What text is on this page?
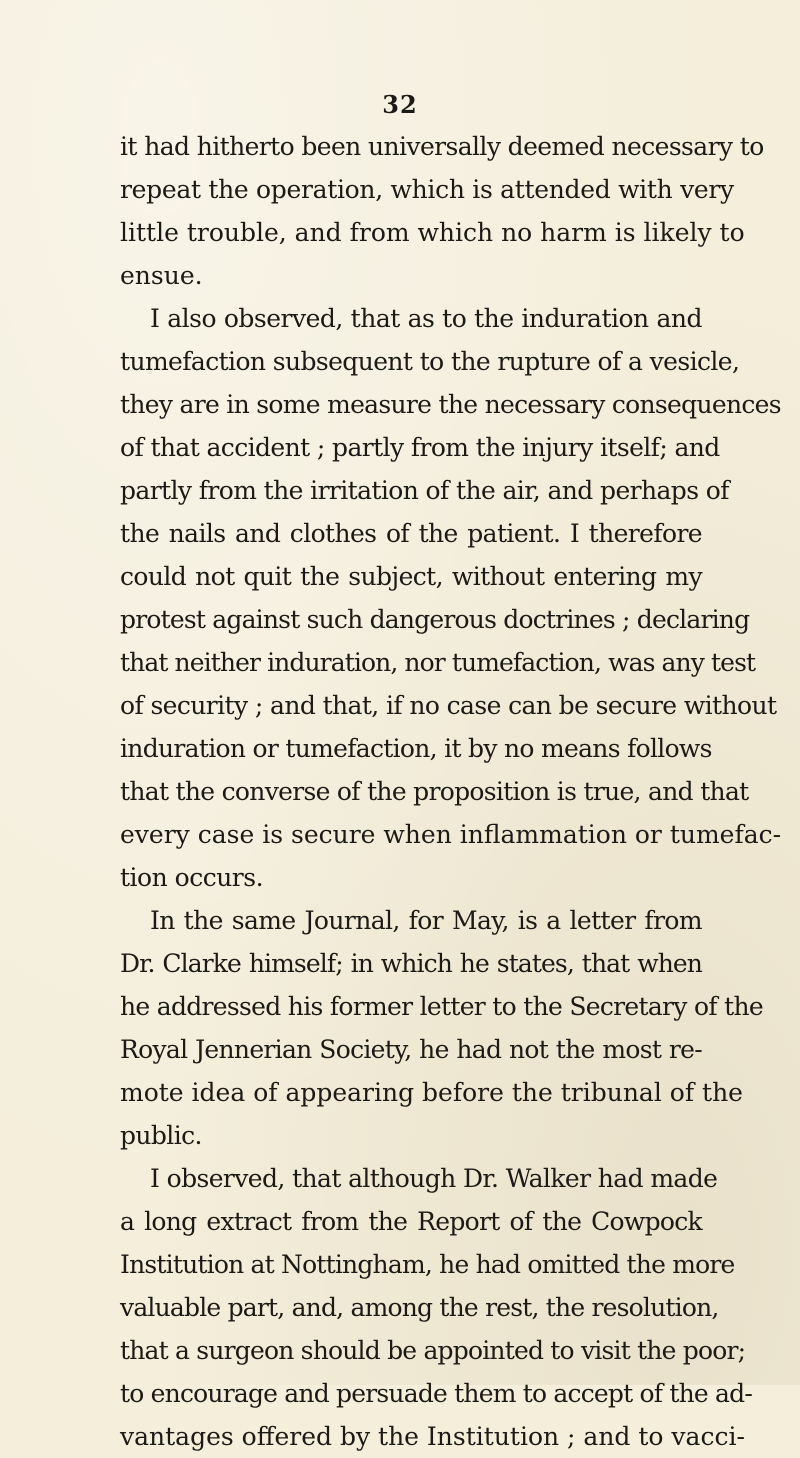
32
it had hitherto been universally deemed necessary to
repeat the operation, which is attended with very
little trouble, and from which no harm is likely to
ensue.
I also observed, that as to the induration and
tumefaction subsequent to the rupture of a vesicle,
they are in some measure the necessary consequences
of that accident ; partly from the injury itself; and
partly from the irritation of the air, and perhaps of
the nails and clothes of the patient. I therefore
could not quit the subject, without entering my
protest against such dangerous doctrines ; declaring
that neither induration, nor tumefaction, was any test
of security ; and that, if no case can be secure without
induration or tumefaction, it by no means follows
that the converse of the proposition is true, and that
every case is secure when inflammation or tumefac-
tion occurs.
In the same Journal, for May, is a letter from
Dr. Clarke himself; in which he states, that when
he addressed his former letter to the Secretary of the
Royal Jennerian Society, he had not the most re-
mote idea of appearing before the tribunal of the
public.
I observed, that although Dr. Walker had made
a long extract from the Report of the Cowpock
Institution at Nottingham, he had omitted the more
valuable part, and, among the rest, the resolution,
that a surgeon should be appointed to visit the poor;
to encourage and persuade them to accept of the ad-
vantages offered by the Institution ; and to vacci-
